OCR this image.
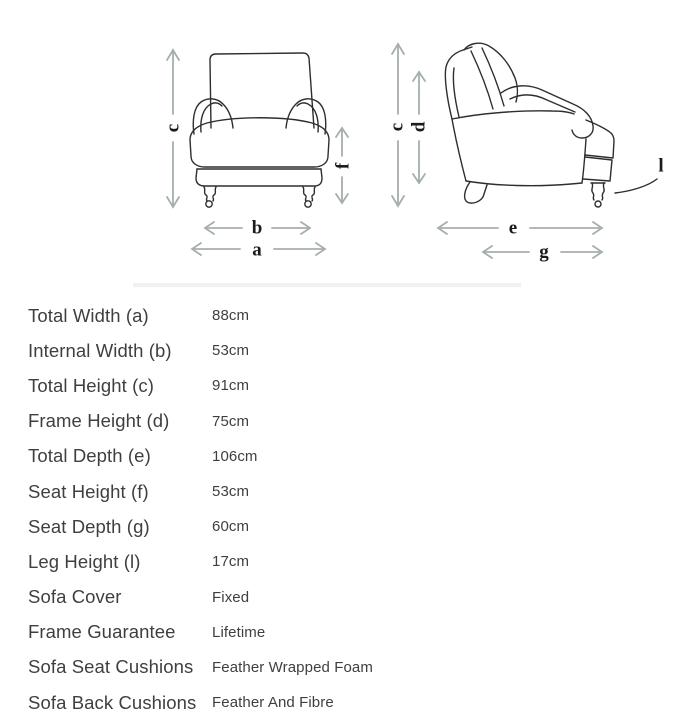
c
f
b
a
c d
e
g
l
Total Width (a)	88cm
Internal Width (b)	53cm
Total Height (c)	91cm
Frame Height (d)	75cm
Total Depth (e)	106cm
Seat Height (f)	53cm
Seat Depth (g)	60cm
Leg Height (l)	17cm
Sofa Cover	Fixed
Frame Guarantee	Lifetime
Sofa Seat Cushions	Feather Wrapped Foam
Sofa Back Cushions	Feather And Fibre
